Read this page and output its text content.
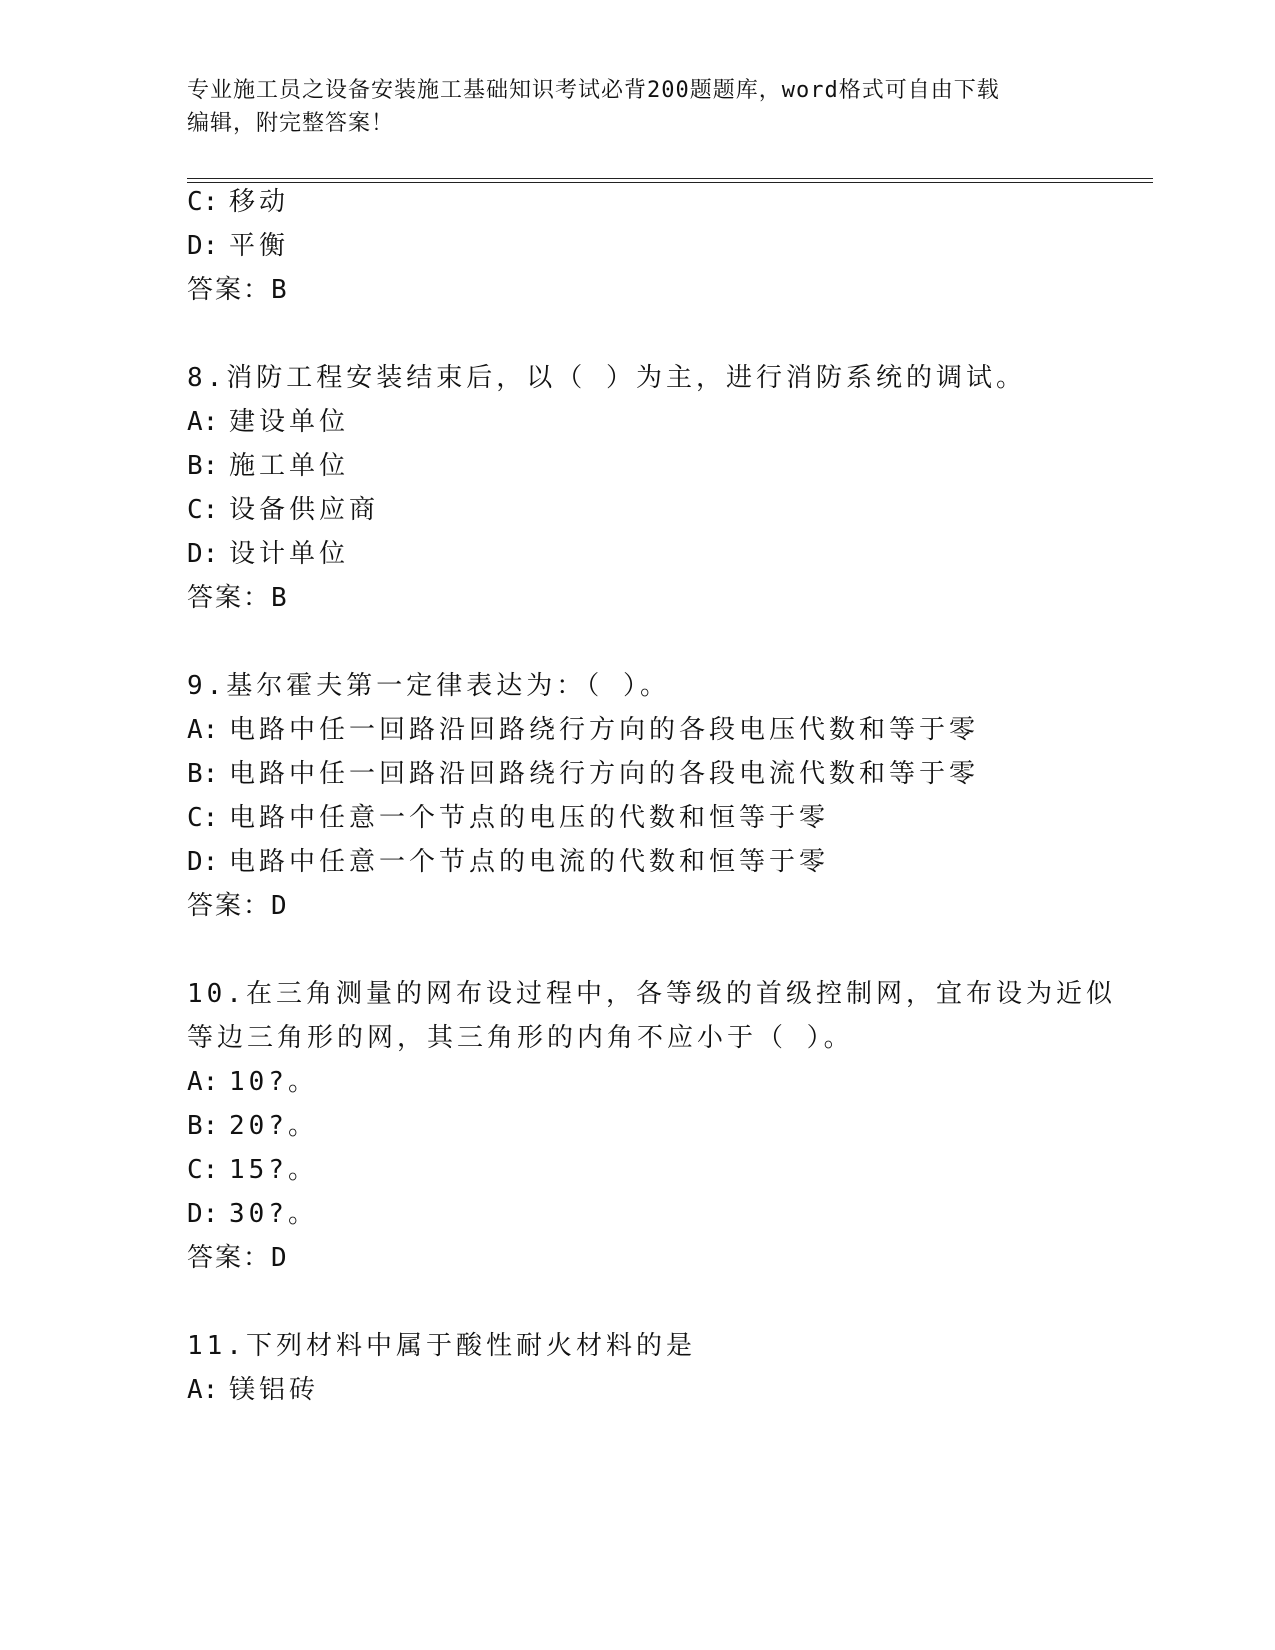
专业施工员之设备安装施工基础知识考试必背200题题库，word格式可自由下载
编辑，附完整答案！
C: 移动
D: 平衡
答案：B
8.消防工程安装结束后，以（ ）为主，进行消防系统的调试。
A: 建设单位
B: 施工单位
C: 设备供应商
D: 设计单位
答案：B
9.基尔霍夫第一定律表达为：（ ）。
A: 电路中任一回路沿回路绕行方向的各段电压代数和等于零
B: 电路中任一回路沿回路绕行方向的各段电流代数和等于零
C: 电路中任意一个节点的电压的代数和恒等于零
D: 电路中任意一个节点的电流的代数和恒等于零
答案：D
10.在三角测量的网布设过程中，各等级的首级控制网，宜布设为近似
等边三角形的网，其三角形的内角不应小于（ ）。
A: 10?。
B: 20?。
C: 15?。
D: 30?。
答案：D
11.下列材料中属于酸性耐火材料的是
A: 镁铝砖
